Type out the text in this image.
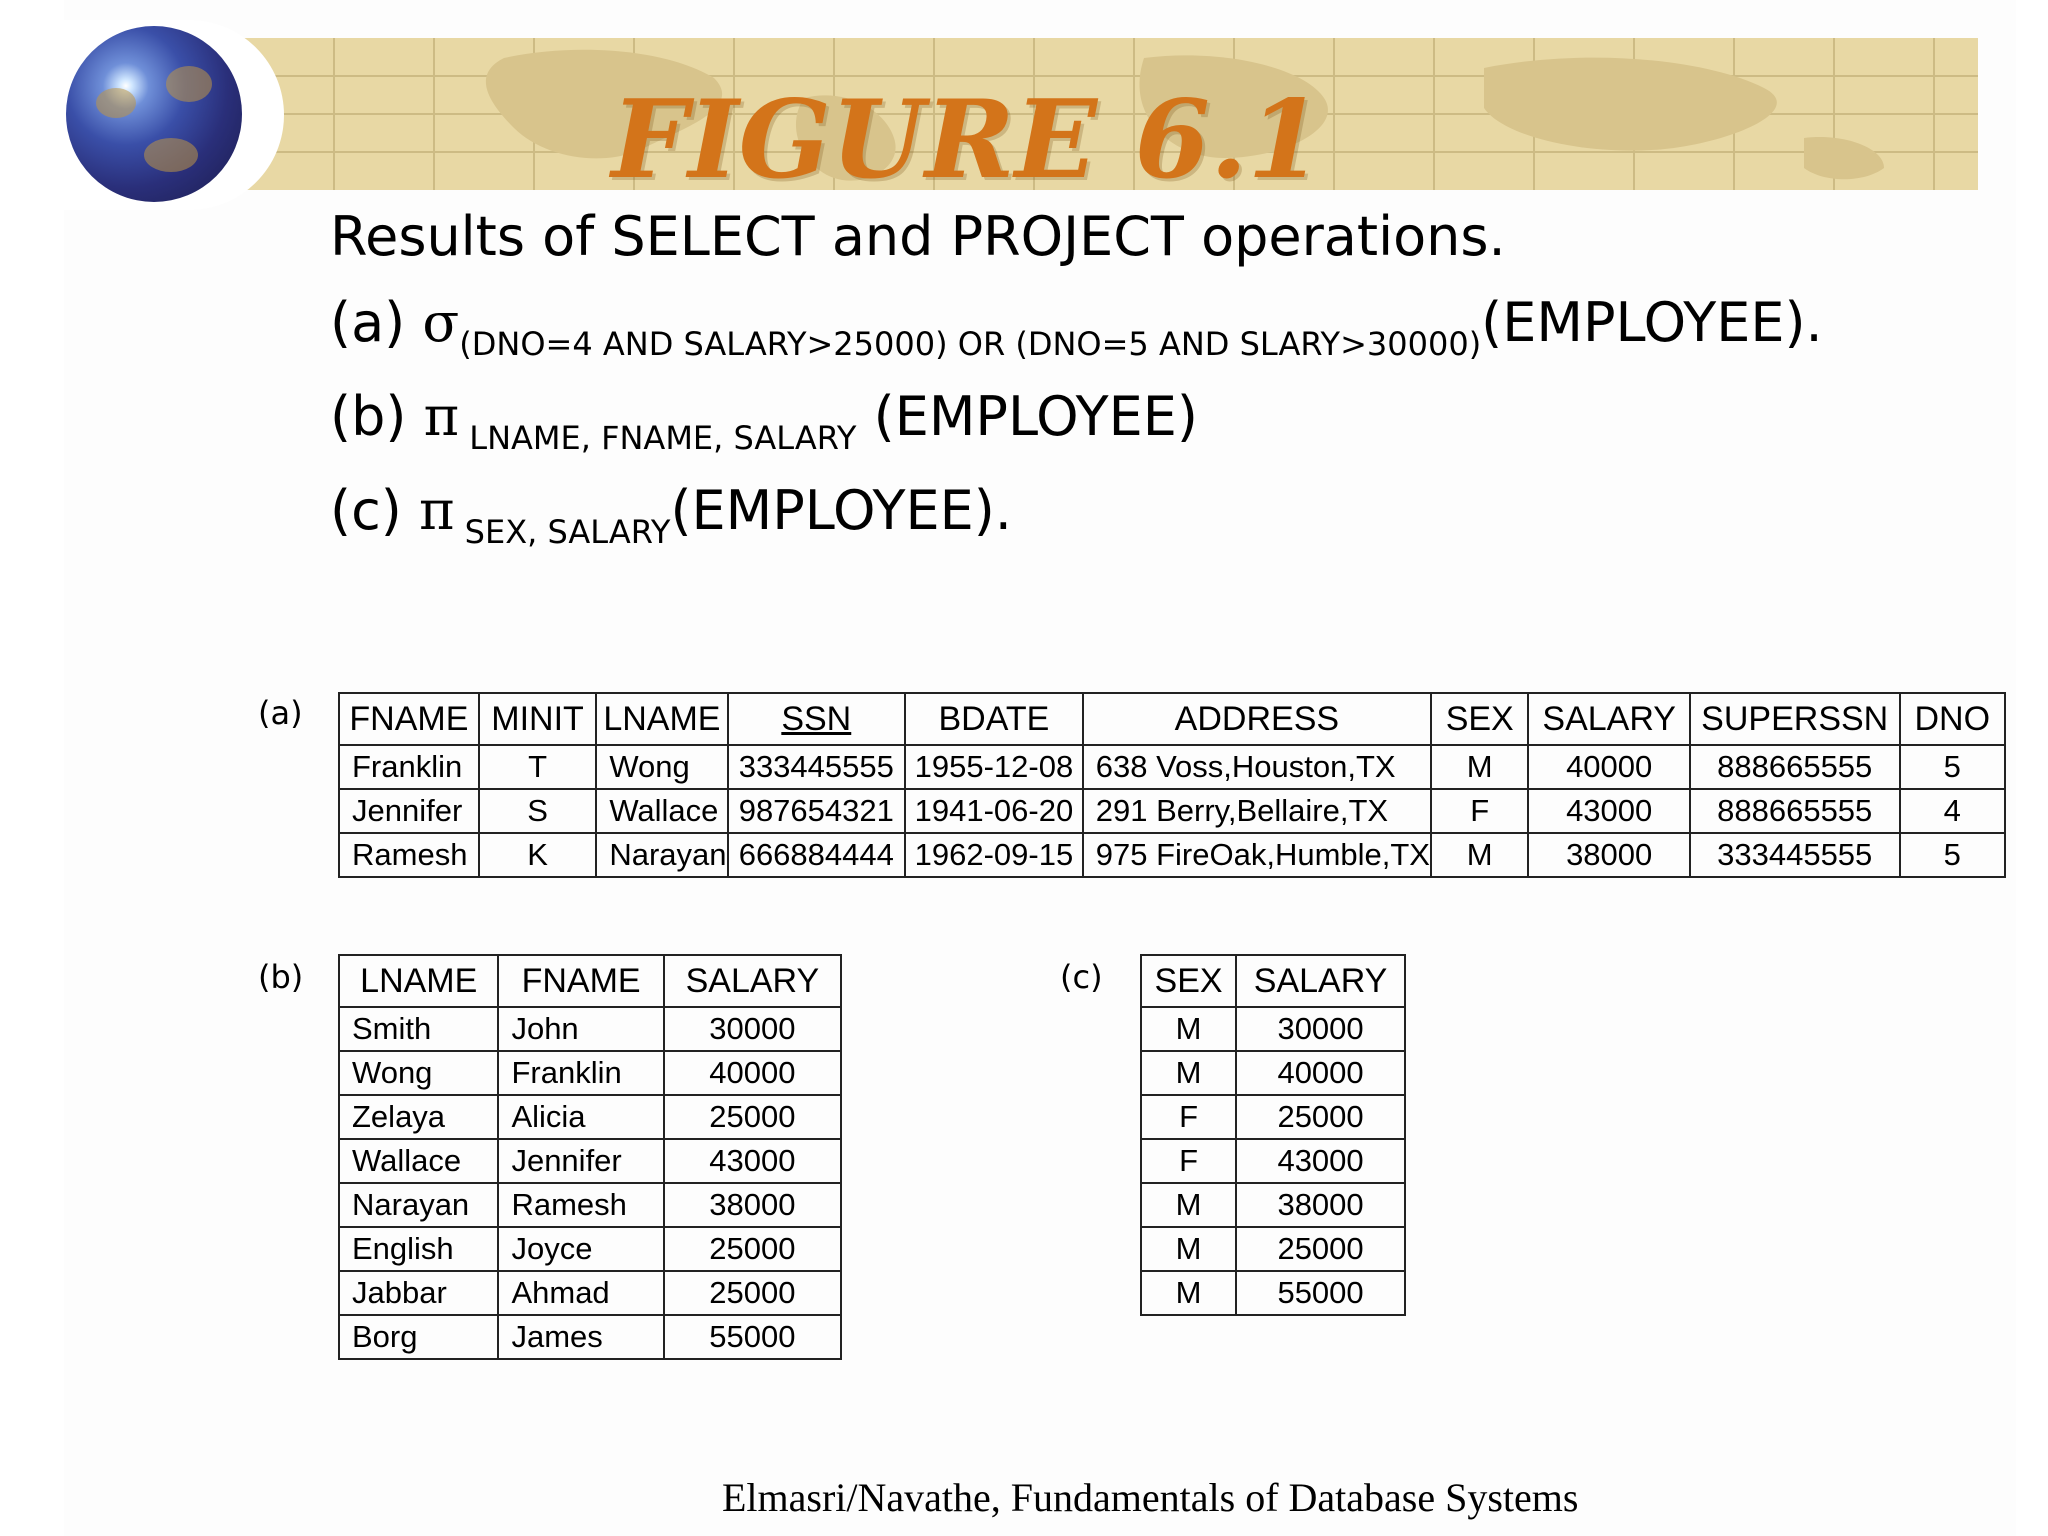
FIGURE 6.1
Results of SELECT and PROJECT operations.
(a) $\sigma_{(DNO=4 AND SALARY>25000) OR (DNO=5 AND SLARY>30000)}(EMPLOYEE)$.
(b) π $_{LNAME, FNAME, SALARY}$ (EMPLOYEE)
(c) π $_{SEX, SALARY}$(EMPLOYEE).
(a)
(b)	(c)
FNAME	MINIT	LNAME	SSN	BDATE	ADDRESS	SEX	SALARY	SUPERSSN	DNO
Franklin	T	Wong	333445555	1955-12-08	638 Voss,Houston,TX	M	40000	888665555	5
Jennifer	S	Wallace	987654321	1941-06-20	291 Berry,Bellaire,TX	F	43000	888665555	4
Ramesh	K	Narayan	666884444	1962-09-15	975 FireOak,Humble,TX	M	38000	333445555	5
LNAME	FNAME	SALARY
Smith	John	30000
Wong	Franklin	40000
Zelaya	Alicia	25000
Wallace	Jennifer	43000
Narayan	Ramesh	38000
English	Joyce	25000
Jabbar	Ahmad	25000
Borg	James	55000
SEX	SALARY
M	30000
M	40000
F	25000
F	43000
M	38000
M	25000
M	55000
Elmasri/Navathe, Fundamentals of Database Systems
